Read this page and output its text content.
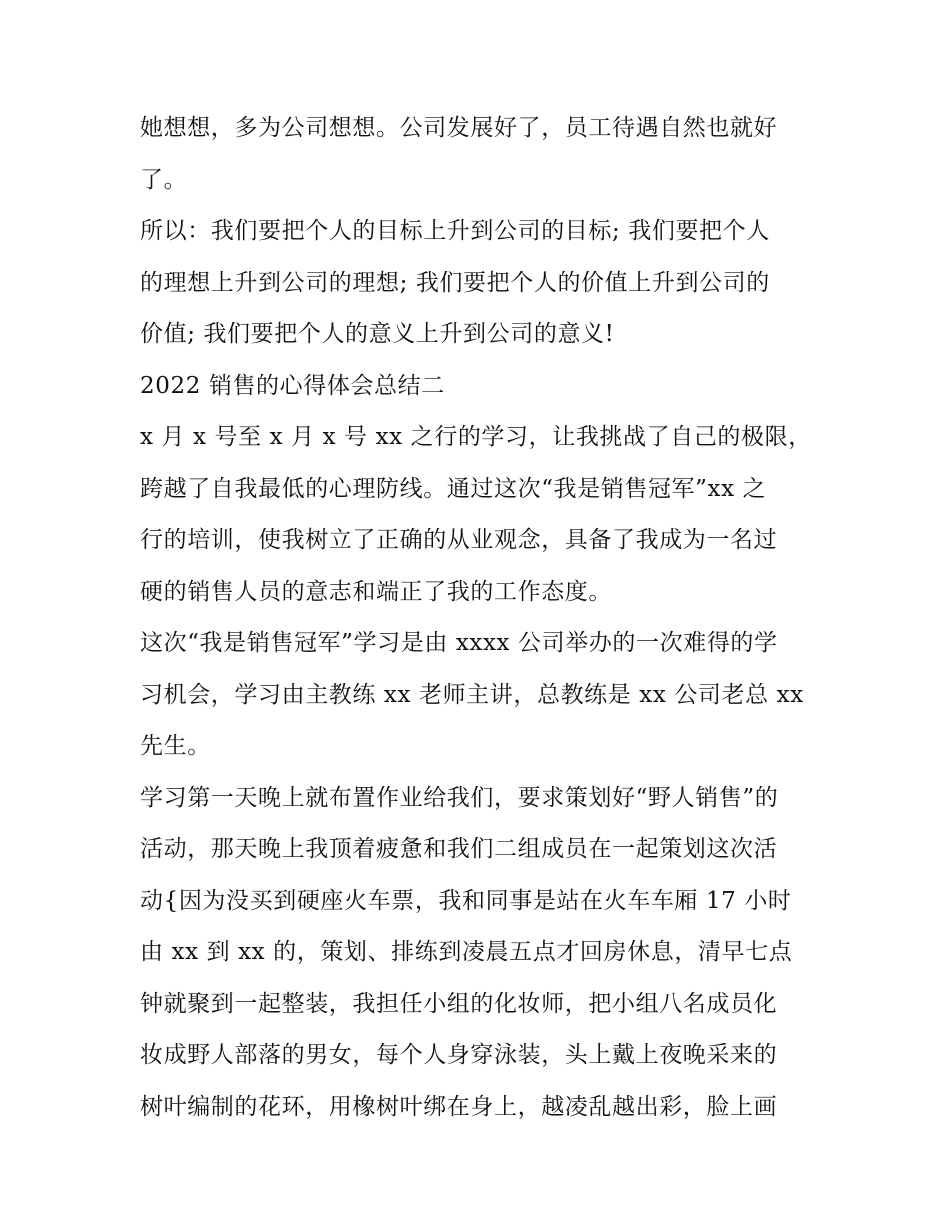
她想想，多为公司想想。公司发展好了，员工待遇自然也就好
了。
所以：我们要把个人的目标上升到公司的目标; 我们要把个人
的理想上升到公司的理想; 我们要把个人的价值上升到公司的
价值; 我们要把个人的意义上升到公司的意义!
2022 销售的心得体会总结二
x 月 x 号至 x 月 x 号 xx 之行的学习，让我挑战了自己的极限，
跨越了自我最低的心理防线。通过这次“我是销售冠军”xx 之
行的培训，使我树立了正确的从业观念，具备了我成为一名过
硬的销售人员的意志和端正了我的工作态度。
这次“我是销售冠军”学习是由 xxxx 公司举办的一次难得的学
习机会，学习由主教练 xx 老师主讲，总教练是 xx 公司老总 xx
先生。
学习第一天晚上就布置作业给我们，要求策划好“野人销售”的
活动，那天晚上我顶着疲惫和我们二组成员在一起策划这次活
动{因为没买到硬座火车票，我和同事是站在火车车厢 17 小时
由 xx 到 xx 的，策划、排练到凌晨五点才回房休息，清早七点
钟就聚到一起整装，我担任小组的化妆师，把小组八名成员化
妆成野人部落的男女，每个人身穿泳装，头上戴上夜晚采来的
树叶编制的花环，用橡树叶绑在身上，越凌乱越出彩，脸上画
